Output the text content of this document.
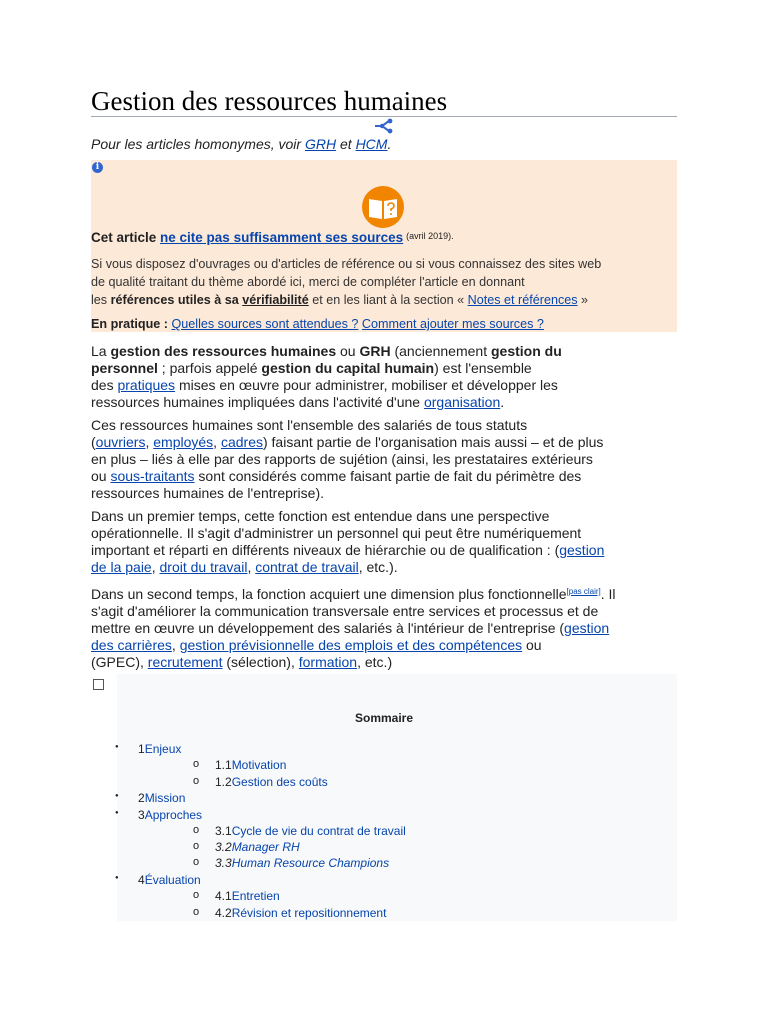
Gestion des ressources humaines
Pour les articles homonymes, voir GRH et HCM.
i
Cet article ne cite pas suffisamment ses sources $^{(avril 2019).}$
Si vous disposez d'ouvrages ou d'articles de référence ou si vous connaissez des sites web
de qualité traitant du thème abordé ici, merci de compléter l'article en donnant
les références utiles à sa vérifiabilité et en les liant à la section « Notes et références »
En pratique : Quelles sources sont attendues ? Comment ajouter mes sources ?
La gestion des ressources humaines ou GRH (anciennement gestion du
personnel ; parfois appelé gestion du capital humain) est l'ensemble
des pratiques mises en œuvre pour administrer, mobiliser et développer les
ressources humaines impliquées dans l'activité d'une organisation.
Ces ressources humaines sont l'ensemble des salariés de tous statuts
(ouvriers, employés, cadres) faisant partie de l'organisation mais aussi – et de plus
en plus – liés à elle par des rapports de sujétion (ainsi, les prestataires extérieurs
ou sous-traitants sont considérés comme faisant partie de fait du périmètre des
ressources humaines de l'entreprise).
Dans un premier temps, cette fonction est entendue dans une perspective
opérationnelle. Il s'agit d'administrer un personnel qui peut être numériquement
important et réparti en différents niveaux de hiérarchie ou de qualification : (gestion
de la paie, droit du travail, contrat de travail, etc.).
Dans un second temps, la fonction acquiert une dimension plus fonctionnelle[pas clair]. Il
s'agit d'améliorer la communication transversale entre services et processus et de
mettre en œuvre un développement des salariés à l'intérieur de l'entreprise (gestion
des carrières, gestion prévisionnelle des emplois et des compétences ou
(GPEC), recrutement (sélection), formation, etc.)
Sommaire
● 1Enjeux
o 1.1Motivation
o 1.2Gestion des coûts
● 2Mission
● 3Approches
o 3.1Cycle de vie du contrat de travail
o 3.2Manager RH
o 3.3Human Resource Champions
● 4Évaluation
o 4.1Entretien
o 4.2Révision et repositionnement
